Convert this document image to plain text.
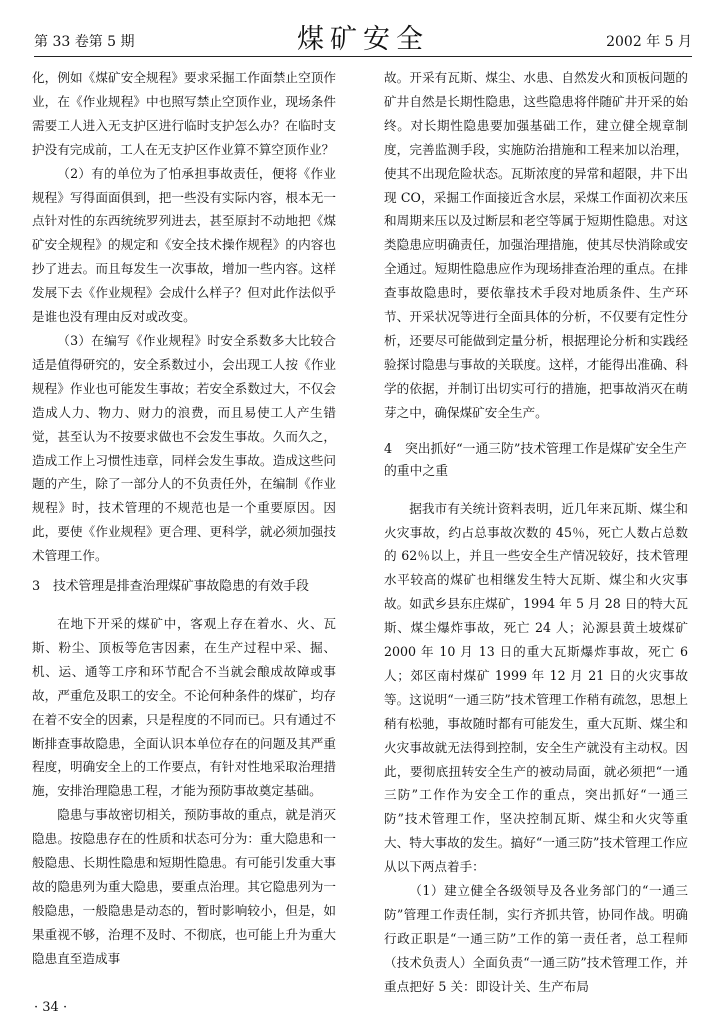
第 33 卷第 5 期	煤矿安全	2002 年 5 月

化，例如《煤矿安全规程》要求采掘工作面禁止空顶作业，在《作业规程》中也照写禁止空顶作业，现场条件需要工人进入无支护区进行临时支护怎么办？在临时支护没有完成前，工人在无支护区作业算不算空顶作业？

（2）有的单位为了怕承担事故责任，便将《作业规程》写得面面俱到，把一些没有实际内容，根本无一点针对性的东西统统罗列进去，甚至原封不动地把《煤矿安全规程》的规定和《安全技术操作规程》的内容也抄了进去。而且每发生一次事故，增加一些内容。这样发展下去《作业规程》会成什么样子？但对此作法似乎是谁也没有理由反对或改变。

（3）在编写《作业规程》时安全系数多大比较合适是值得研究的，安全系数过小，会出现工人按《作业规程》作业也可能发生事故；若安全系数过大，不仅会造成人力、物力、财力的浪费，而且易使工人产生错觉，甚至认为不按要求做也不会发生事故。久而久之，造成工作上习惯性违章，同样会发生事故。造成这些问题的产生，除了一部分人的不负责任外，在编制《作业规程》时，技术管理的不规范也是一个重要原因。因此，要使《作业规程》更合理、更科学，就必须加强技术管理工作。

3　技术管理是排查治理煤矿事故隐患的有效手段

在地下开采的煤矿中，客观上存在着水、火、瓦斯、粉尘、顶板等危害因素，在生产过程中采、掘、机、运、通等工序和环节配合不当就会酿成故障或事故，严重危及职工的安全。不论何种条件的煤矿，均存在着不安全的因素，只是程度的不同而已。只有通过不断排查事故隐患，全面认识本单位存在的问题及其严重程度，明确安全上的工作要点，有针对性地采取治理措施，安排治理隐患工程，才能为预防事故奠定基础。

隐患与事故密切相关，预防事故的重点，就是消灭隐患。按隐患存在的性质和状态可分为：重大隐患和一般隐患、长期性隐患和短期性隐患。有可能引发重大事故的隐患列为重大隐患，要重点治理。其它隐患列为一般隐患，一般隐患是动态的，暂时影响较小，但是，如果重视不够，治理不及时、不彻底，也可能上升为重大隐患直至造成事

故。开采有瓦斯、煤尘、水患、自然发火和顶板问题的矿井自然是长期性隐患，这些隐患将伴随矿井开采的始终。对长期性隐患要加强基础工作，建立健全规章制度，完善监测手段，实施防治措施和工程来加以治理，使其不出现危险状态。瓦斯浓度的异常和超限，井下出现 CO，采掘工作面接近含水层，采煤工作面初次来压和周期来压以及过断层和老空等属于短期性隐患。对这类隐患应明确责任，加强治理措施，使其尽快消除或安全通过。短期性隐患应作为现场排查治理的重点。在排查事故隐患时，要依靠技术手段对地质条件、生产环节、开采状况等进行全面具体的分析，不仅要有定性分析，还要尽可能做到定量分析，根据理论分析和实践经验探讨隐患与事故的关联度。这样，才能得出准确、科学的依据，并制订出切实可行的措施，把事故消灭在萌芽之中，确保煤矿安全生产。

4　突出抓好“一通三防”技术管理工作是煤矿安全生产的重中之重

据我市有关统计资料表明，近几年来瓦斯、煤尘和火灾事故，约占总事故次数的 45％，死亡人数占总数的 62％以上，并且一些安全生产情况较好，技术管理水平较高的煤矿也相继发生特大瓦斯、煤尘和火灾事故。如武乡县东庄煤矿，1994 年 5 月 28 日的特大瓦斯、煤尘爆炸事故，死亡 24 人；沁源县黄土坡煤矿 2000 年 10 月 13 日的重大瓦斯爆炸事故，死亡 6 人；郊区南村煤矿 1999 年 12 月 21 日的火灾事故等。这说明“一通三防”技术管理工作稍有疏忽，思想上稍有松驰，事故随时都有可能发生，重大瓦斯、煤尘和火灾事故就无法得到控制，安全生产就没有主动权。因此，要彻底扭转安全生产的被动局面，就必须把“一通三防”工作作为安全工作的重点，突出抓好“一通三防”技术管理工作，坚决控制瓦斯、煤尘和火灾等重大、特大事故的发生。搞好“一通三防”技术管理工作应从以下两点着手：

（1）建立健全各级领导及各业务部门的“一通三防”管理工作责任制，实行齐抓共管，协同作战。明确行政正职是“一通三防”工作的第一责任者，总工程师（技术负责人）全面负责“一通三防”技术管理工作，并重点把好 5 关：即设计关、生产布局

· 34 ·
